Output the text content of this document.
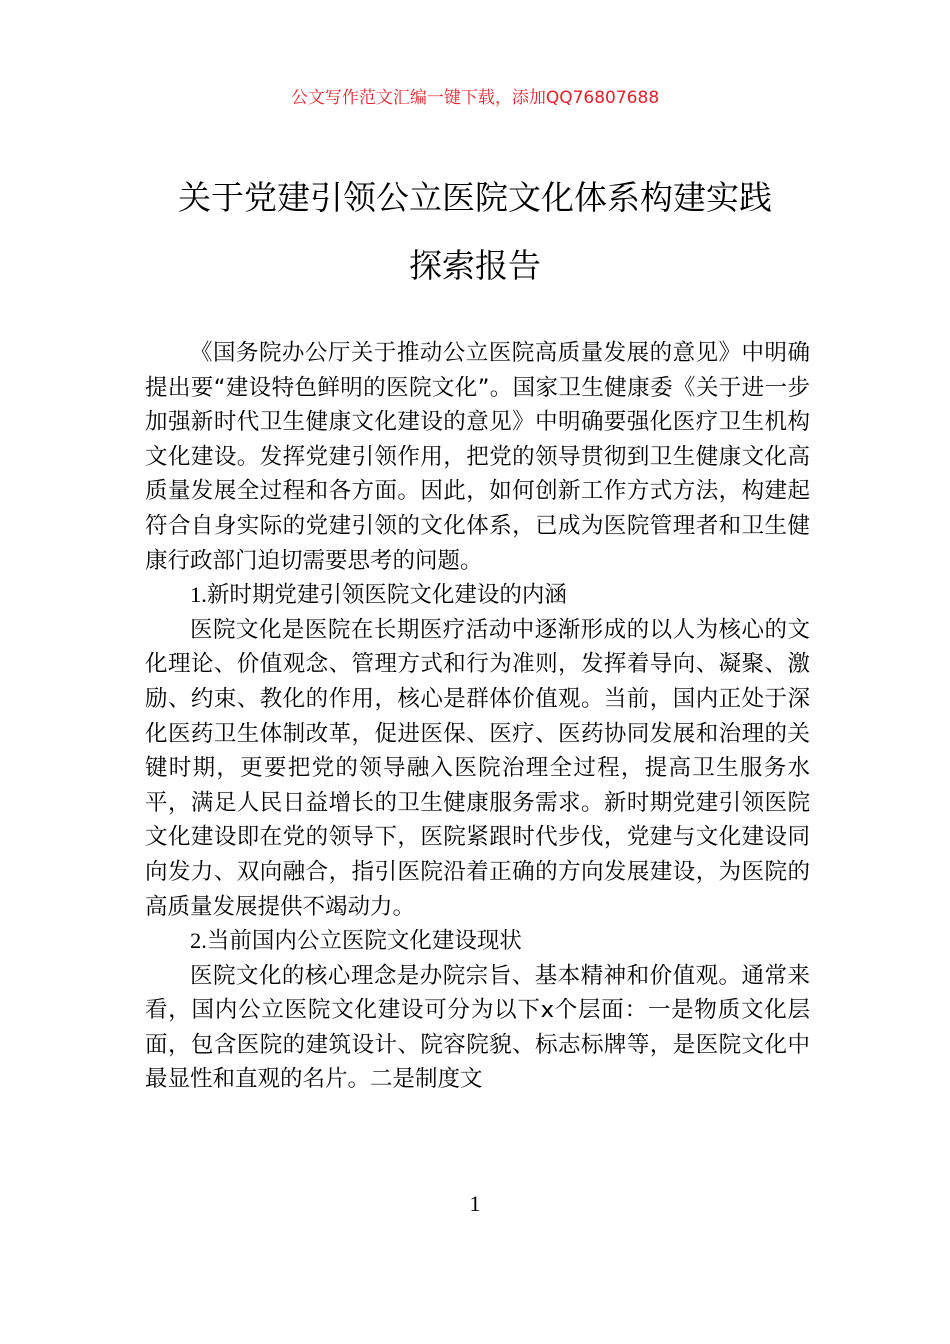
公文写作范文汇编一键下载，添加QQ76807688
关于党建引领公立医院文化体系构建实践
探索报告

《国务院办公厅关于推动公立医院高质量发展的意见》中明确提出要“建设特色鲜明的医院文化”。国家卫生健康委《关于进一步加强新时代卫生健康文化建设的意见》中明确要强化医疗卫生机构文化建设。发挥党建引领作用，把党的领导贯彻到卫生健康文化高质量发展全过程和各方面。因此，如何创新工作方式方法，构建起符合自身实际的党建引领的文化体系，已成为医院管理者和卫生健康行政部门迫切需要思考的问题。

1.新时期党建引领医院文化建设的内涵

医院文化是医院在长期医疗活动中逐渐形成的以人为核心的文化理论、价值观念、管理方式和行为准则，发挥着导向、凝聚、激励、约束、教化的作用，核心是群体价值观。当前，国内正处于深化医药卫生体制改革，促进医保、医疗、医药协同发展和治理的关键时期，更要把党的领导融入医院治理全过程，提高卫生服务水平，满足人民日益增长的卫生健康服务需求。新时期党建引领医院文化建设即在党的领导下，医院紧跟时代步伐，党建与文化建设同向发力、双向融合，指引医院沿着正确的方向发展建设，为医院的高质量发展提供不竭动力。

2.当前国内公立医院文化建设现状

医院文化的核心理念是办院宗旨、基本精神和价值观。通常来看，国内公立医院文化建设可分为以下x个层面：一是物质文化层面，包含医院的建筑设计、院容院貌、标志标牌等，是医院文化中最显性和直观的名片。二是制度文

1
